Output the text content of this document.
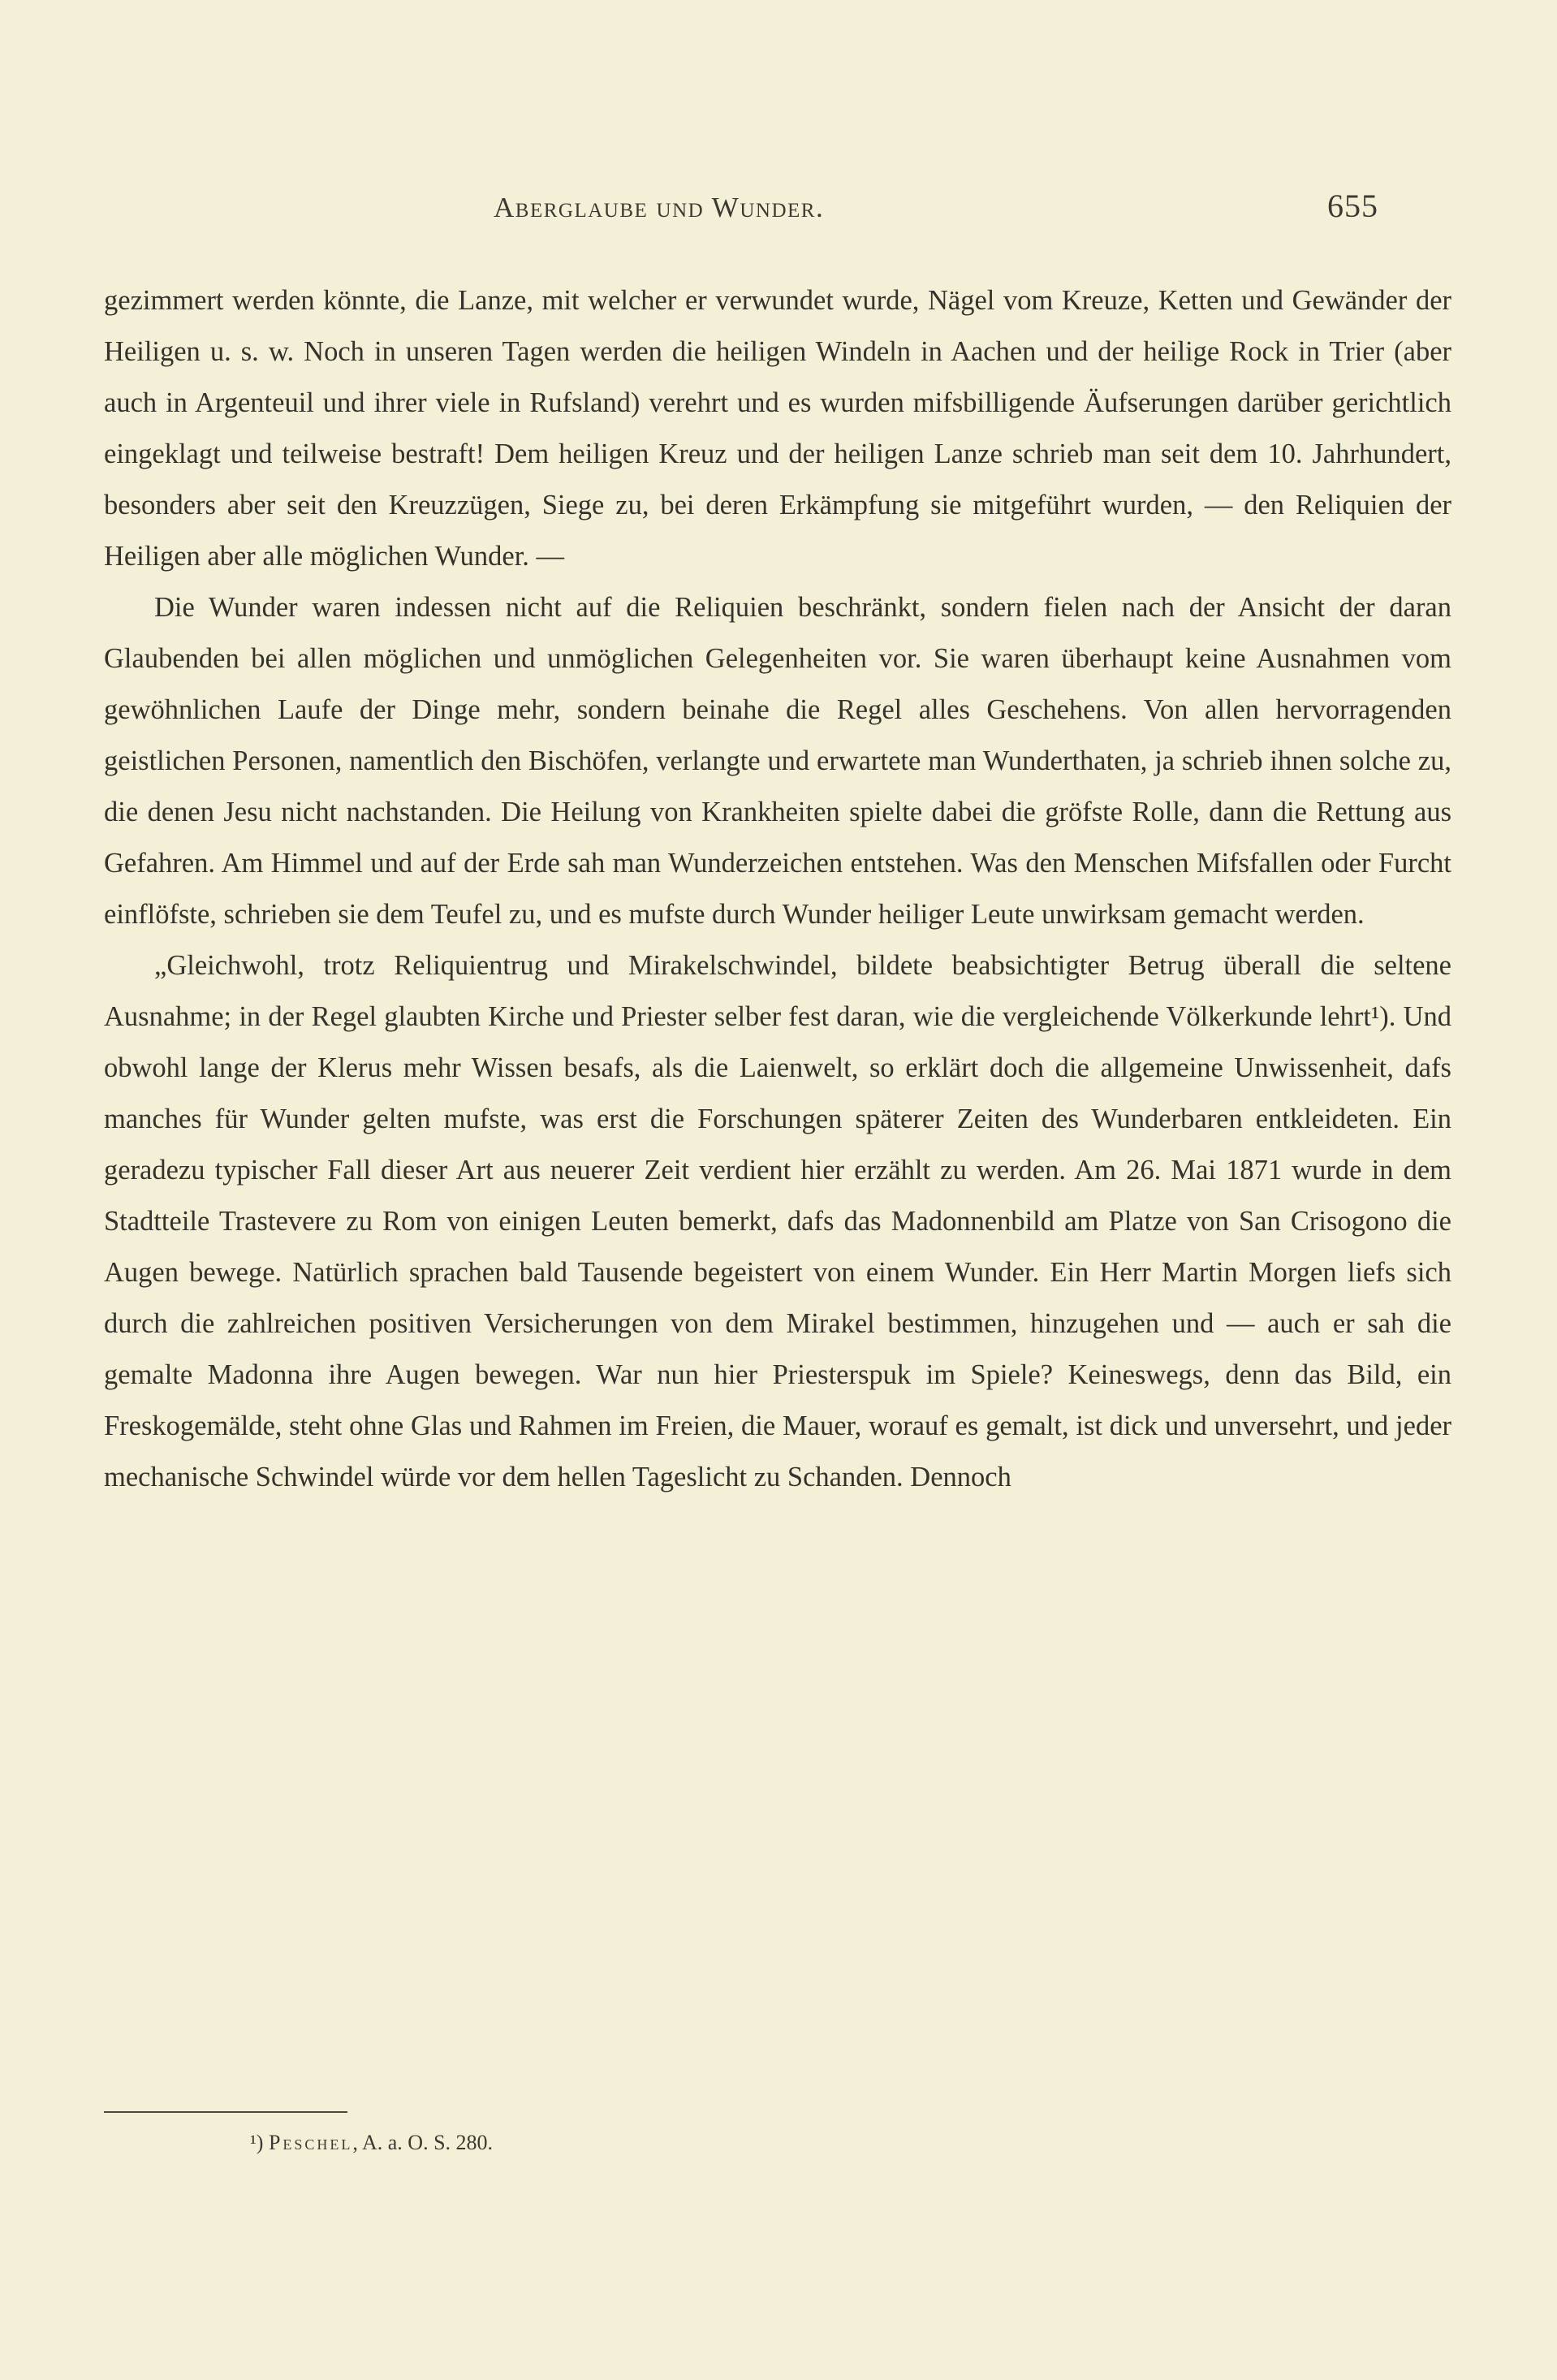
Aberglaube und Wunder.	655

gezimmert werden könnte, die Lanze, mit welcher er verwundet wurde, Nägel vom Kreuze, Ketten und Gewänder der Heiligen u. s. w. Noch in unseren Tagen werden die heiligen Windeln in Aachen und der heilige Rock in Trier (aber auch in Argenteuil und ihrer viele in Rufsland) verehrt und es wurden mifsbilligende Äufserungen darüber gerichtlich eingeklagt und teilweise bestraft! Dem heiligen Kreuz und der heiligen Lanze schrieb man seit dem 10. Jahrhundert, besonders aber seit den Kreuzzügen, Siege zu, bei deren Erkämpfung sie mitgeführt wurden, — den Reliquien der Heiligen aber alle möglichen Wunder. —

Die Wunder waren indessen nicht auf die Reliquien beschränkt, sondern fielen nach der Ansicht der daran Glaubenden bei allen möglichen und unmöglichen Gelegenheiten vor. Sie waren überhaupt keine Ausnahmen vom gewöhnlichen Laufe der Dinge mehr, sondern beinahe die Regel alles Geschehens. Von allen hervorragenden geistlichen Personen, namentlich den Bischöfen, verlangte und erwartete man Wunderthaten, ja schrieb ihnen solche zu, die denen Jesu nicht nachstanden. Die Heilung von Krankheiten spielte dabei die gröfste Rolle, dann die Rettung aus Gefahren. Am Himmel und auf der Erde sah man Wunderzeichen entstehen. Was den Menschen Mifsfallen oder Furcht einflöfste, schrieben sie dem Teufel zu, und es mufste durch Wunder heiliger Leute unwirksam gemacht werden.

„Gleichwohl, trotz Reliquientrug und Mirakelschwindel, bildete beabsichtigter Betrug überall die seltene Ausnahme; in der Regel glaubten Kirche und Priester selber fest daran, wie die vergleichende Völkerkunde lehrt¹). Und obwohl lange der Klerus mehr Wissen besafs, als die Laienwelt, so erklärt doch die allgemeine Unwissenheit, dafs manches für Wunder gelten mufste, was erst die Forschungen späterer Zeiten des Wunderbaren entkleideten. Ein geradezu typischer Fall dieser Art aus neuerer Zeit verdient hier erzählt zu werden. Am 26. Mai 1871 wurde in dem Stadtteile Trastevere zu Rom von einigen Leuten bemerkt, dafs das Madonnenbild am Platze von San Crisogono die Augen bewege. Natürlich sprachen bald Tausende begeistert von einem Wunder. Ein Herr Martin Morgen liefs sich durch die zahlreichen positiven Versicherungen von dem Mirakel bestimmen, hinzugehen und — auch er sah die gemalte Madonna ihre Augen bewegen. War nun hier Priesterspuk im Spiele? Keineswegs, denn das Bild, ein Freskogemälde, steht ohne Glas und Rahmen im Freien, die Mauer, worauf es gemalt, ist dick und unversehrt, und jeder mechanische Schwindel würde vor dem hellen Tageslicht zu Schanden. Dennoch

¹) Peschel, A. a. O. S. 280.
